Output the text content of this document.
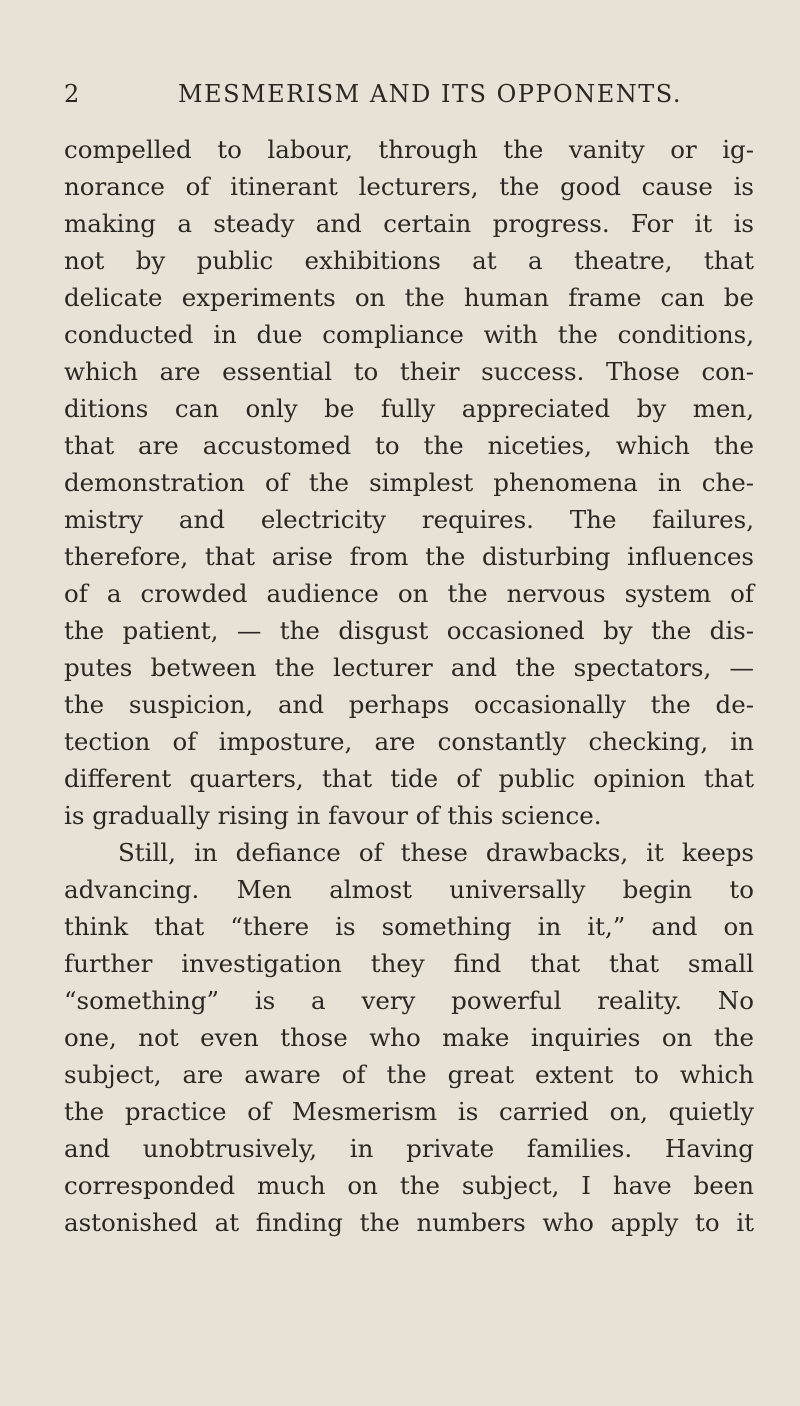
2	MESMERISM AND ITS OPPONENTS.
compelled to labour, through the vanity or ig-
norance of itinerant lecturers, the good cause is
making a steady and certain progress. For it is
not by public exhibitions at a theatre, that
delicate experiments on the human frame can be
conducted in due compliance with the conditions,
which are essential to their success. Those con-
ditions can only be fully appreciated by men,
that are accustomed to the niceties, which the
demonstration of the simplest phenomena in che-
mistry and electricity requires. The failures,
therefore, that arise from the disturbing influences
of a crowded audience on the nervous system of
the patient, — the disgust occasioned by the dis-
putes between the lecturer and the spectators, —
the suspicion, and perhaps occasionally the de-
tection of imposture, are constantly checking, in
different quarters, that tide of public opinion that
is gradually rising in favour of this science.
Still, in defiance of these drawbacks, it keeps
advancing. Men almost universally begin to
think that “there is something in it,” and on
further investigation they find that that small
“something” is a very powerful reality. No
one, not even those who make inquiries on the
subject, are aware of the great extent to which
the practice of Mesmerism is carried on, quietly
and unobtrusively, in private families. Having
corresponded much on the subject, I have been
astonished at finding the numbers who apply to it
